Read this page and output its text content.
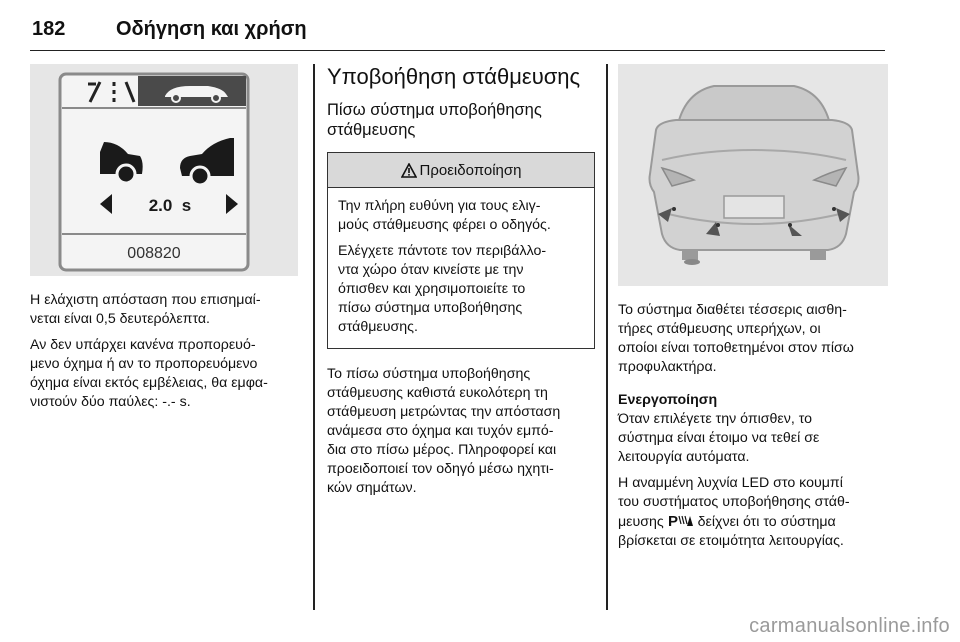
182	Οδήγηση και χρήση
2.0  s
008820

Η ελάχιστη απόσταση που επισημαί-
νεται είναι 0,5 δευτερόλεπτα.

Αν δεν υπάρχει κανένα προπορευό-
μενο όχημα ή αν το προπορευόμενο
όχημα είναι εκτός εμβέλειας, θα εμφα-
νιστούν δύο παύλες: -.- s.

Υποβοήθηση στάθμευσης
Πίσω σύστημα υποβοήθησης
στάθμευσης
Προειδοποίηση

Την πλήρη ευθύνη για τους ελιγ-
μούς στάθμευσης φέρει ο οδηγός.

Ελέγχετε πάντοτε τον περιβάλλο-
ντα χώρο όταν κινείστε με την
όπισθεν και χρησιμοποιείτε το
πίσω σύστημα υποβοήθησης
στάθμευσης.

Το πίσω σύστημα υποβοήθησης
στάθμευσης καθιστά ευκολότερη τη
στάθμευση μετρώντας την απόσταση
ανάμεσα στο όχημα και τυχόν εμπό-
δια στο πίσω μέρος. Πληροφορεί και
προειδοποιεί τον οδηγό μέσω ηχητι-
κών σημάτων.

Το σύστημα διαθέτει τέσσερις αισθη-
τήρες στάθμευσης υπερήχων, οι
οποίοι είναι τοποθετημένοι στον πίσω
προφυλακτήρα.

Ενεργοποίηση
Όταν επιλέγετε την όπισθεν, το
σύστημα είναι έτοιμο να τεθεί σε
λειτουργία αυτόματα.

Η αναμμένη λυχνία LED στο κουμπί
του συστήματος υποβοήθησης στάθ-
μευσης P δείχνει ότι το σύστημα
βρίσκεται σε ετοιμότητα λειτουργίας.

carmanualsonline.info
